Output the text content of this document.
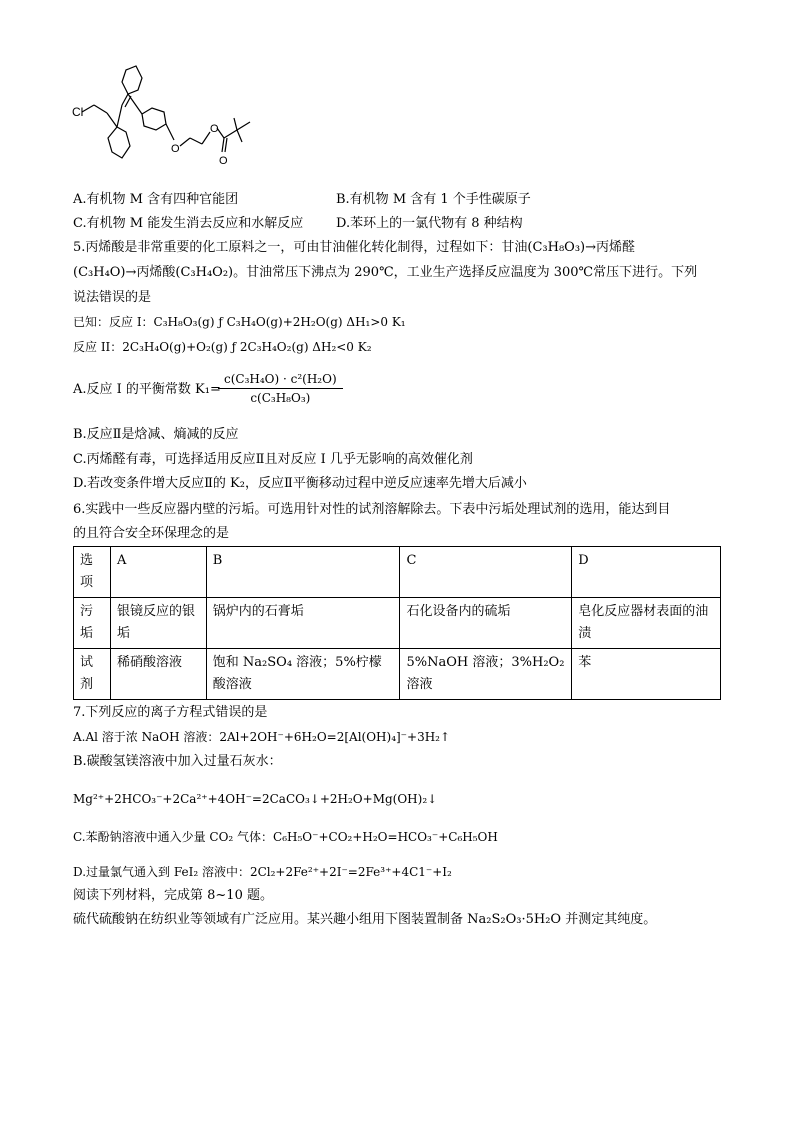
Cl
O
O
O
A.有机物 M 含有四种官能团	B.有机物 M 含有 1 个手性碳原子
C.有机物 M 能发生消去反应和水解反应	D.苯环上的一氯代物有 8 种结构
5.丙烯酸是非常重要的化工原料之一，可由甘油催化转化制得，过程如下：甘油(C₃H₈O₃)→丙烯醛
(C₃H₄O)→丙烯酸(C₃H₄O₂)。甘油常压下沸点为 290℃，工业生产选择反应温度为 300℃常压下进行。下列
说法错误的是
已知：反应 I：C₃H₈O₃(g) ƒ C₃H₄O(g)+2H₂O(g) ΔH₁>0 K₁
反应 II：2C₃H₄O(g)+O₂(g) ƒ 2C₃H₄O₂(g) ΔH₂<0 K₂
A.反应 I 的平衡常数 K₁=
$\frac{\text{c(C₃H₄O) · c²(H₂O)}}{\text{c(C₃H₈O₃)}}$
B.反应Ⅱ是焓减、熵减的反应
C.丙烯醛有毒，可选择适用反应Ⅱ且对反应 I 几乎无影响的高效催化剂
D.若改变条件增大反应Ⅱ的 K₂，反应Ⅱ平衡移动过程中逆反应速率先增大后减小
6.实践中一些反应器内壁的污垢。可选用针对性的试剂溶解除去。下表中污垢处理试剂的选用，能达到目
的且符合安全环保理念的是
选项	A	B	C	D
污垢	银镜反应的银垢	锅炉内的石膏垢	石化设备内的硫垢	皂化反应器材表面的油渍
试剂	稀硝酸溶液	饱和 Na₂SO₄ 溶液；5%柠檬酸溶液	5%NaOH 溶液；3%H₂O₂ 溶液	苯
7.下列反应的离子方程式错误的是
A.Al 溶于浓 NaOH 溶液：2Al+2OH⁻+6H₂O=2[Al(OH)₄]⁻+3H₂↑
B.碳酸氢镁溶液中加入过量石灰水：
Mg²⁺+2HCO₃⁻+2Ca²⁺+4OH⁻=2CaCO₃↓+2H₂O+Mg(OH)₂↓
C.苯酚钠溶液中通入少量 CO₂ 气体：C₆H₅O⁻+CO₂+H₂O=HCO₃⁻+C₆H₅OH
D.过量氯气通入到 FeI₂ 溶液中：2Cl₂+2Fe²⁺+2I⁻=2Fe³⁺+4C1⁻+I₂
阅读下列材料，完成第 8~10 题。
硫代硫酸钠在纺织业等领域有广泛应用。某兴趣小组用下图装置制备 Na₂S₂O₃·5H₂O 并测定其纯度。
